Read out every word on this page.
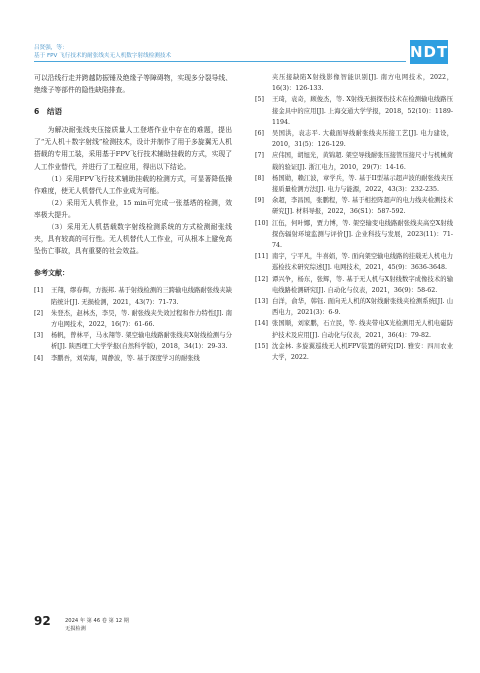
吕贤强，等：
基于 FPV 飞行技术的耐张线夹无人机数字射线检测技术	NDT

可以沿线行走并跨越防振锤及绝缘子等障碍物，实现多分裂导线、绝缘子等部件的隐性缺陷排查。

6　结语

为解决耐张线夹压接质量人工登塔作业中存在的难题，提出了“无人机＋数字射线”检测技术，设计并制作了用于多旋翼无人机搭载的专用工装，采用基于FPV飞行技术辅助挂载的方式，实现了人工作业替代，并进行了工程应用，得出以下结论。

（1）采用FPV飞行技术辅助挂载的检测方式，可显著降低操作难度，使无人机替代人工作业成为可能。

（2）采用无人机作业，15 min可完成一张基塔的检测，效率极大提升。

（3）采用无人机搭载数字射线检测系统的方式检测耐张线夹，具有较高的可行性。无人机替代人工作业，可从根本上避免高坠伤亡事故，具有重要的社会效益。

参考文献：
[1]	王翔，缪春辉，方振邦. 基于射线检测的三跨输电线路耐张线夹缺陷统计[J]. 无损检测，2021，43(7)：71-73.
[2]	朱登杰，赵林杰，李昊，等. 耐张线夹失效过程和作力特性[J]. 南方电网技术，2022，16(7)：61-66.
[3]	杨帆，曾林平，马永翔等. 架空输电线路耐张线夹X射线检测与分析[J]. 陕西理工大学学报(自然科学版)，2018，34(1)：29-33.
[4]	李鹏吾，刘荣海，周静波，等. 基于深度学习的耐张线
夹压接缺陷X射线影像智能识别[J]. 南方电网技术，2022，16(3)：126-133.
[5]	王琦，袁奇，顾俊杰，等. X射线无损探伤技术在检测输电线路压接金具中的应用[J]. 上海交通大学学报，2018，52(10)：1189-1194.
[6]	吴国洪，袁志平. 大截面导线耐张线夹压接工艺[J]. 电力建设，2010，31(5)：126-129.
[7]	应伟国，胡旭光，黄锦超. 架空导线耐张压接管压接尺寸与机械荷载的验证[J]. 浙江电力，2010，29(7)：14-16.
[8]	杨国勋，赖江波，章学兵，等. 基于II型基示超声波的耐张线夹压接质量检测方法[J]. 电力与能源，2022，43(3)：232-235.
[9]	余超，李昌国，张鹏程，等. 基于相控阵超声的电力线夹检测技术研究[J]. 材料导报，2022，36(S1)：587-592.
[10] 江伍，何叶娜，贾力博，等. 架空输变电线路耐张线夹高空X射线探伤辐射环境监测与评价[J]. 企业科技与发展，2023(11)：71-74.
[11] 南宇，宁平凡，牛喜娟，等. 面向架空输电线路的挂载无人机电力巡检技术研究综述[J]. 电网技术，2021，45(9)：3636-3648.
[12] 谭兴争，杨东，张辉，等. 基于无人机与X射线数字成像技术的输电线路检测研究[J]. 自动化与仪表，2021，36(9)：58-62.
[13] 白洋，俞华，韩钰. 面向无人机的X射线耐张线夹检测系统[J]. 山西电力，2021(3)：6-9.
[14] 张国顺，刘家鹏，石立民，等. 线夹带电X光检测用无人机电磁防护技术及应用[J]. 自动化与仪表，2021，36(4)：79-82.
[15] 沈金林. 多旋翼巡线无人机FPV装置的研究[D]. 雅安：四川农业大学，2022.
92	2024 年 第 46 卷 第 12 期
无损检测
